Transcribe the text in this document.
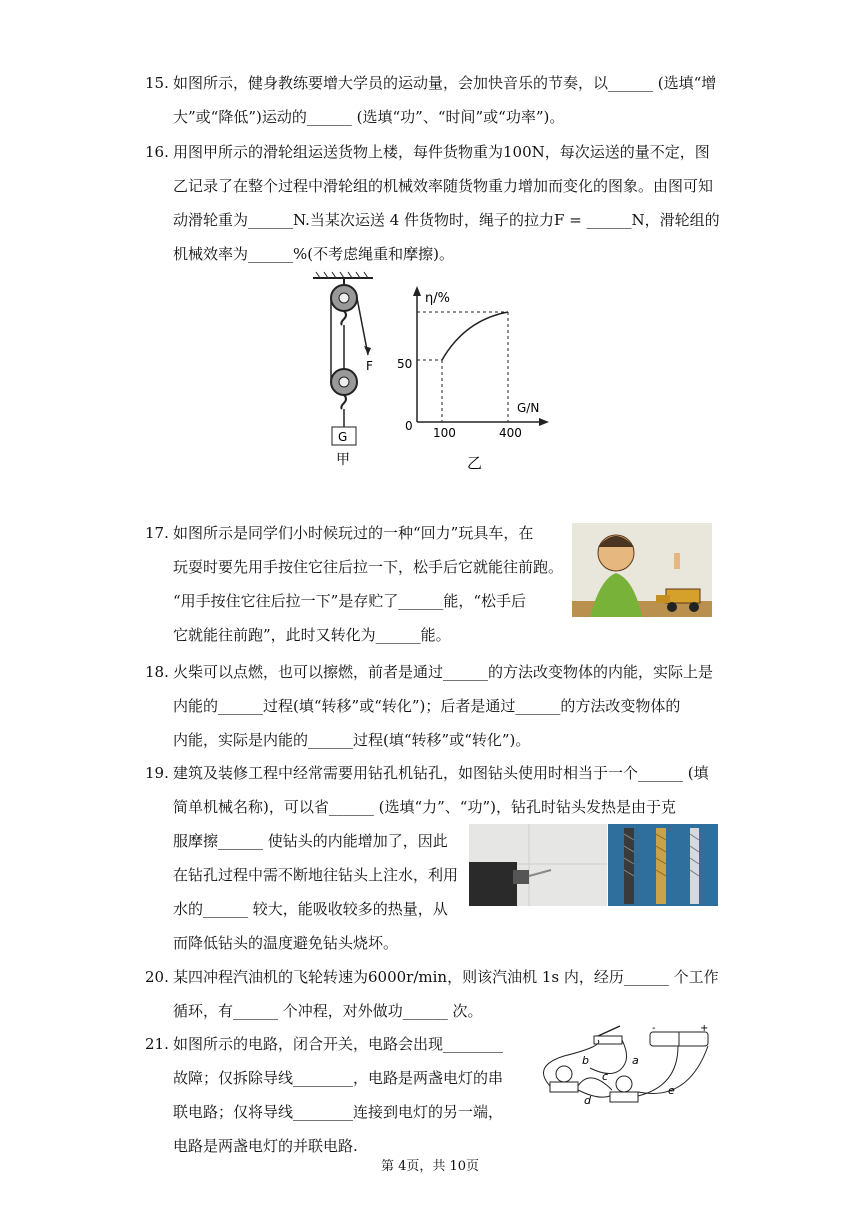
15. 如图所示，健身教练要增大学员的运动量，会加快音乐的节奏，以______ (选填“增
大”或“降低”)运动的______ (选填“功”、“时间”或“功率”)。
16. 用图甲所示的滑轮组运送货物上楼，每件货物重为100N，每次运送的量不定，图
乙记录了在整个过程中滑轮组的机械效率随货物重力增加而变化的图象。由图可知
动滑轮重为______N.当某次运送 4 件货物时，绳子的拉力F = ______N，滑轮组的
机械效率为______%(不考虑绳重和摩擦)。
F
G
甲
η/%
G/N
50
0 100	400
乙
17. 如图所示是同学们小时候玩过的一种“回力”玩具车，在
玩耍时要先用手按住它往后拉一下，松手后它就能往前跑。
“用手按住它往后拉一下”是存贮了______能，“松手后
它就能往前跑”，此时又转化为______能。
18. 火柴可以点燃，也可以擦燃，前者是通过______的方法改变物体的内能，实际上是
内能的______过程(填“转移”或“转化”)；后者是通过______的方法改变物体的
内能，实际是内能的______过程(填“转移”或“转化”)。
19. 建筑及装修工程中经常需要用钻孔机钻孔，如图钻头使用时相当于一个______ (填
简单机械名称)，可以省______ (选填“力”、“功”)，钻孔时钻头发热是由于克
服摩擦______ 使钻头的内能增加了，因此
在钻孔过程中需不断地往钻头上注水，利用
水的______ 较大，能吸收较多的热量，从
而降低钻头的温度避免钻头烧坏。
20. 某四冲程汽油机的飞轮转速为6000r/min，则该汽油机 1s 内，经历______ 个工作
循环，有______ 个冲程，对外做功______ 次。
21. 如图所示的电路，闭合开关，电路会出现________
故障；仅拆除导线________，电路是两盏电灯的串
联电路；仅将导线________连接到电灯的另一端，
电路是两盏电灯的并联电路.
-	+
a
b
c
d
e
第 4页，共 10页
